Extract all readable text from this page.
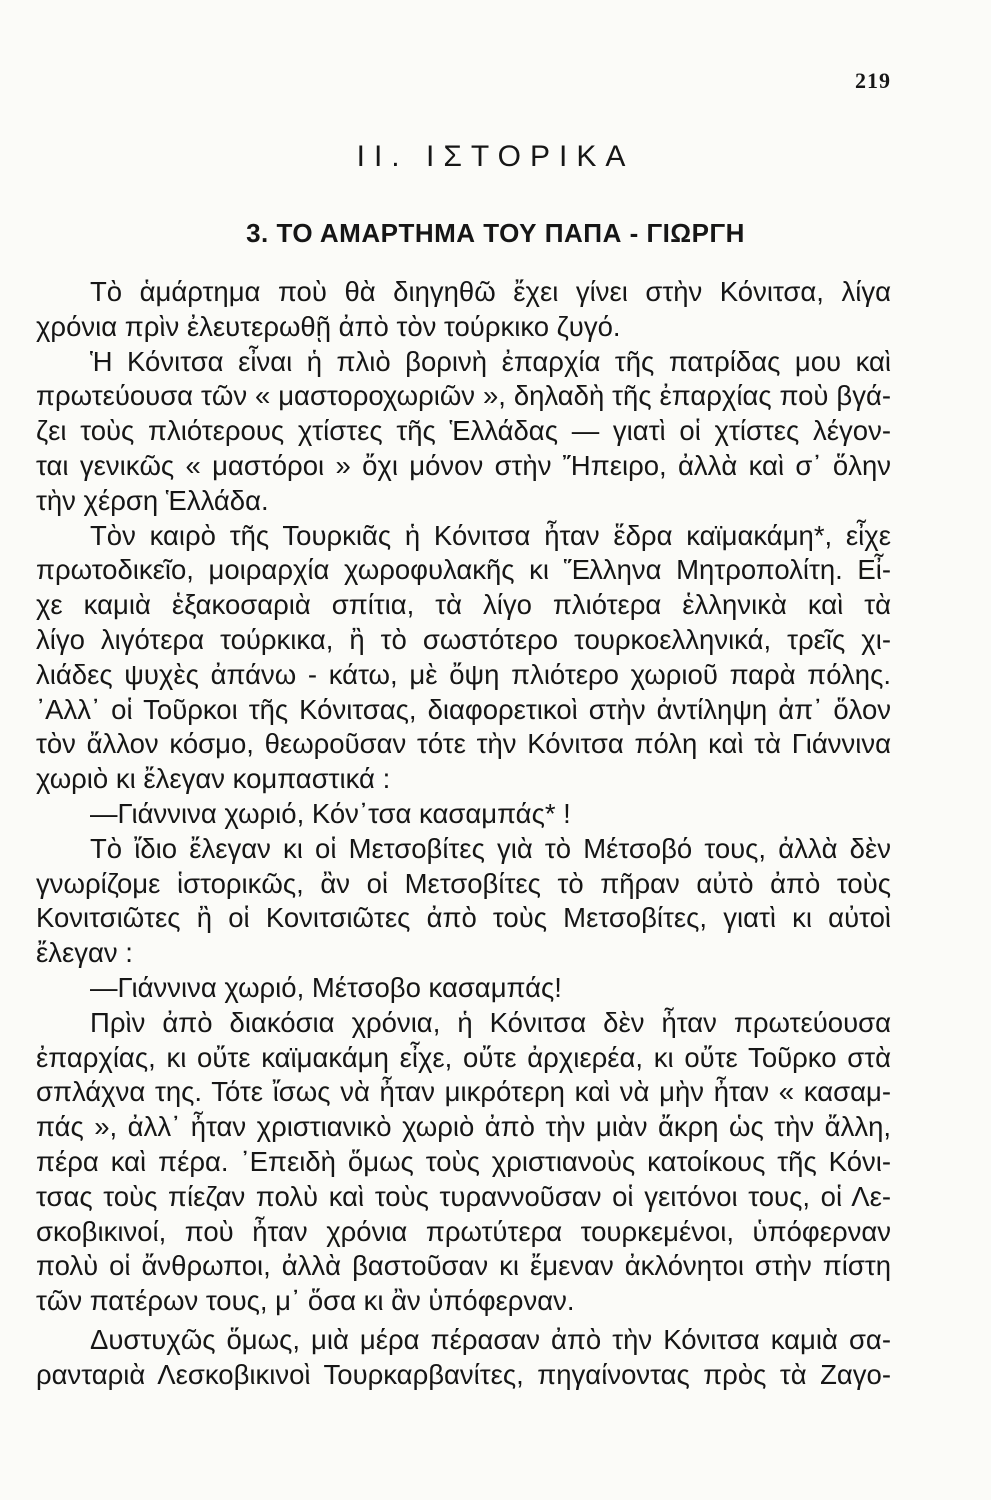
219
II. ΙΣΤΟΡΙΚΑ
3. ΤΟ ΑΜΑΡΤΗΜΑ ΤΟΥ ΠΑΠΑ - ΓΙΩΡΓΗ
Τὸ ἁμάρτημα ποὺ θὰ διηγηθῶ ἔχει γίνει στὴν Κόνιτσα, λίγα
χρόνια πρὶν ἐλευτερωθῇ ἀπὸ τὸν τούρκικο ζυγό.
Ἡ Κόνιτσα εἶναι ἡ πλιὸ βορινὴ ἐπαρχία τῆς πατρίδας μου καὶ
πρωτεύουσα τῶν « μαστοροχωριῶν », δηλαδὴ τῆς ἐπαρχίας ποὺ βγά-
ζει τοὺς πλιότερους χτίστες τῆς Ἑλλάδας — γιατὶ οἱ χτίστες λέγον-
ται γενικῶς « μαστόροι » ὄχι μόνον στὴν Ἤπειρο, ἀλλὰ καὶ σ᾿ ὅλην
τὴν χέρση Ἑλλάδα.
Τὸν καιρὸ τῆς Τουρκιᾶς ἡ Κόνιτσα ἦταν ἕδρα καϊμακάμη*, εἶχε
πρωτοδικεῖο, μοιραρχία χωροφυλακῆς κι Ἕλληνα Μητροπολίτη. Εἶ-
χε καμιὰ ἑξακοσαριὰ σπίτια, τὰ λίγο πλιότερα ἑλληνικὰ καὶ τὰ
λίγο λιγότερα τούρκικα, ἢ τὸ σωστότερο τουρκοελληνικά, τρεῖς χι-
λιάδες ψυχὲς ἀπάνω - κάτω, μὲ ὄψη πλιότερο χωριοῦ παρὰ πόλης.
᾿Αλλ᾿ οἱ Τοῦρκοι τῆς Κόνιτσας, διαφορετικοὶ στὴν ἀντίληψη ἀπ᾿ ὅλον
τὸν ἄλλον κόσμο, θεωροῦσαν τότε τὴν Κόνιτσα πόλη καὶ τὰ Γιάννινα
χωριὸ κι ἔλεγαν κομπαστικά :
—Γιάννινα χωριό, Κόν᾿τσα κασαμπάς* !
Τὸ ἴδιο ἔλεγαν κι οἱ Μετσοβίτες γιὰ τὸ Μέτσοβό τους, ἀλλὰ δὲν
γνωρίζομε ἱστορικῶς, ἂν οἱ Μετσοβίτες τὸ πῆραν αὐτὸ ἀπὸ τοὺς
Κονιτσιῶτες ἢ οἱ Κονιτσιῶτες ἀπὸ τοὺς Μετσοβίτες, γιατὶ κι αὐτοὶ
ἔλεγαν :
—Γιάννινα χωριό, Μέτσοβο κασαμπάς!
Πρὶν ἀπὸ διακόσια χρόνια, ἡ Κόνιτσα δὲν ἦταν πρωτεύουσα
ἐπαρχίας, κι οὔτε καϊμακάμη εἶχε, οὔτε ἀρχιερέα, κι οὔτε Τοῦρκο στὰ
σπλάχνα της. Τότε ἴσως νὰ ἦταν μικρότερη καὶ νὰ μὴν ἦταν « κασαμ-
πάς », ἀλλ᾿ ἦταν χριστιανικὸ χωριὸ ἀπὸ τὴν μιὰν ἄκρη ὡς τὴν ἄλλη,
πέρα καὶ πέρα. ᾿Επειδὴ ὅμως τοὺς χριστιανοὺς κατοίκους τῆς Κόνι-
τσας τοὺς πίεζαν πολὺ καὶ τοὺς τυραννοῦσαν οἱ γειτόνοι τους, οἱ Λε-
σκοβικινοί, ποὺ ἦταν χρόνια πρωτύτερα τουρκεμένοι, ὑπόφερναν
πολὺ οἱ ἄνθρωποι, ἀλλὰ βαστοῦσαν κι ἔμεναν ἀκλόνητοι στὴν πίστη
τῶν πατέρων τους, μ᾿ ὅσα κι ἂν ὑπόφερναν.
Δυστυχῶς ὅμως, μιὰ μέρα πέρασαν ἀπὸ τὴν Κόνιτσα καμιὰ σα-
ρανταριὰ Λεσκοβικινοὶ Τουρκαρβανίτες, πηγαίνοντας πρὸς τὰ Ζαγο-
